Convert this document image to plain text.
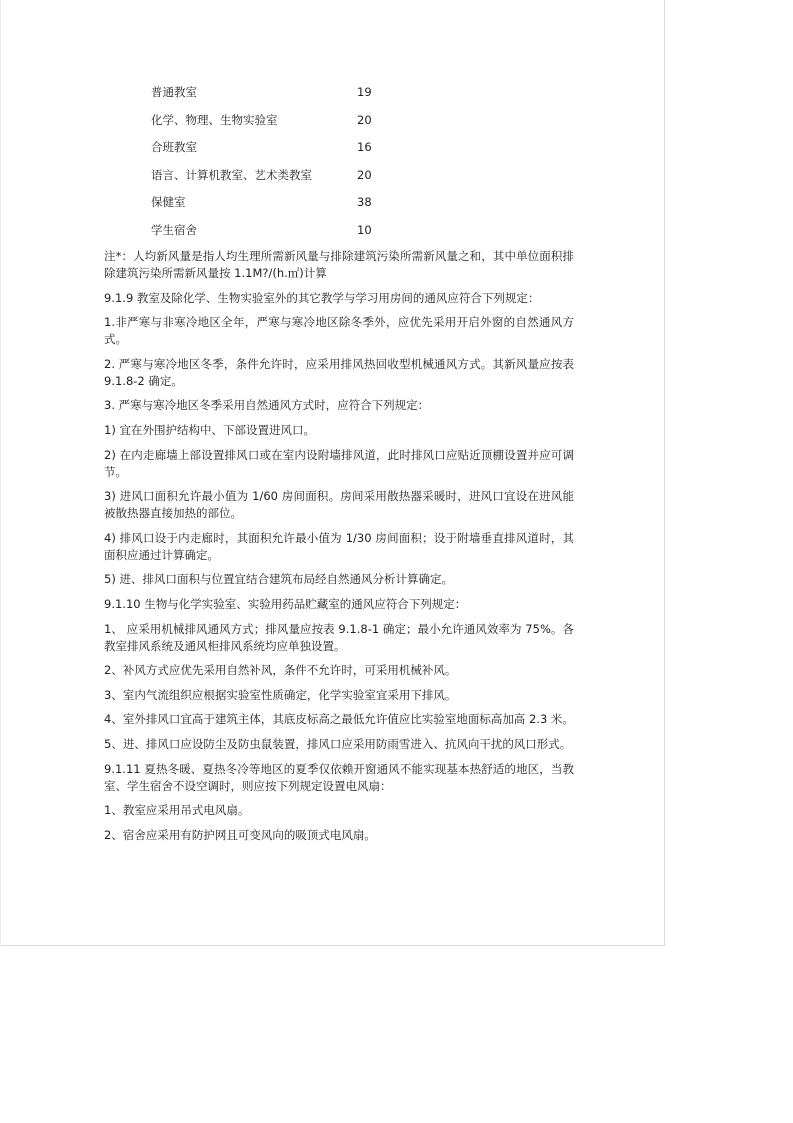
普通教室	19
化学、物理、生物实验室	20
合班教室	16
语言、计算机教室、艺术类教室	20
保健室	38
学生宿舍	10

注*：人均新风量是指人均生理所需新风量与排除建筑污染所需新风量之和，其中单位面积排除建筑污染所需新风量按 1.1M?/(h.㎡)计算

9.1.9 教室及除化学、生物实验室外的其它教学与学习用房间的通风应符合下列规定：

1.非严寒与非寒冷地区全年，严寒与寒冷地区除冬季外，应优先采用开启外窗的自然通风方式。

2. 严寒与寒冷地区冬季，条件允许时，应采用排风热回收型机械通风方式。其新风量应按表 9.1.8-2 确定。

3. 严寒与寒冷地区冬季采用自然通风方式时，应符合下列规定：

1) 宜在外围护结构中、下部设置进风口。

2) 在内走廊墙上部设置排风口或在室内设附墙排风道，此时排风口应贴近顶棚设置并应可调节。

3) 进风口面积允许最小值为 1/60 房间面积。房间采用散热器采暖时，进风口宜设在进风能被散热器直接加热的部位。

4) 排风口设于内走廊时，其面积允许最小值为 1/30 房间面积；设于附墙垂直排风道时，其面积应通过计算确定。

5) 进、排风口面积与位置宜结合建筑布局经自然通风分析计算确定。

9.1.10 生物与化学实验室、实验用药品贮藏室的通风应符合下列规定：

1、 应采用机械排风通风方式；排风量应按表 9.1.8-1 确定；最小允许通风效率为 75%。各教室排风系统及通风柜排风系统均应单独设置。

2、补风方式应优先采用自然补风，条件不允许时，可采用机械补风。

3、室内气流组织应根据实验室性质确定，化学实验室宜采用下排风。

4、室外排风口宜高于建筑主体，其底皮标高之最低允许值应比实验室地面标高加高 2.3 米。

5、进、排风口应设防尘及防虫鼠装置，排风口应采用防雨雪进入、抗风向干扰的风口形式。

9.1.11 夏热冬暖、夏热冬冷等地区的夏季仅依赖开窗通风不能实现基本热舒适的地区，当教室、学生宿舍不设空调时，则应按下列规定设置电风扇：

1、教室应采用吊式电风扇。

2、宿舍应采用有防护网且可变风向的吸顶式电风扇。
